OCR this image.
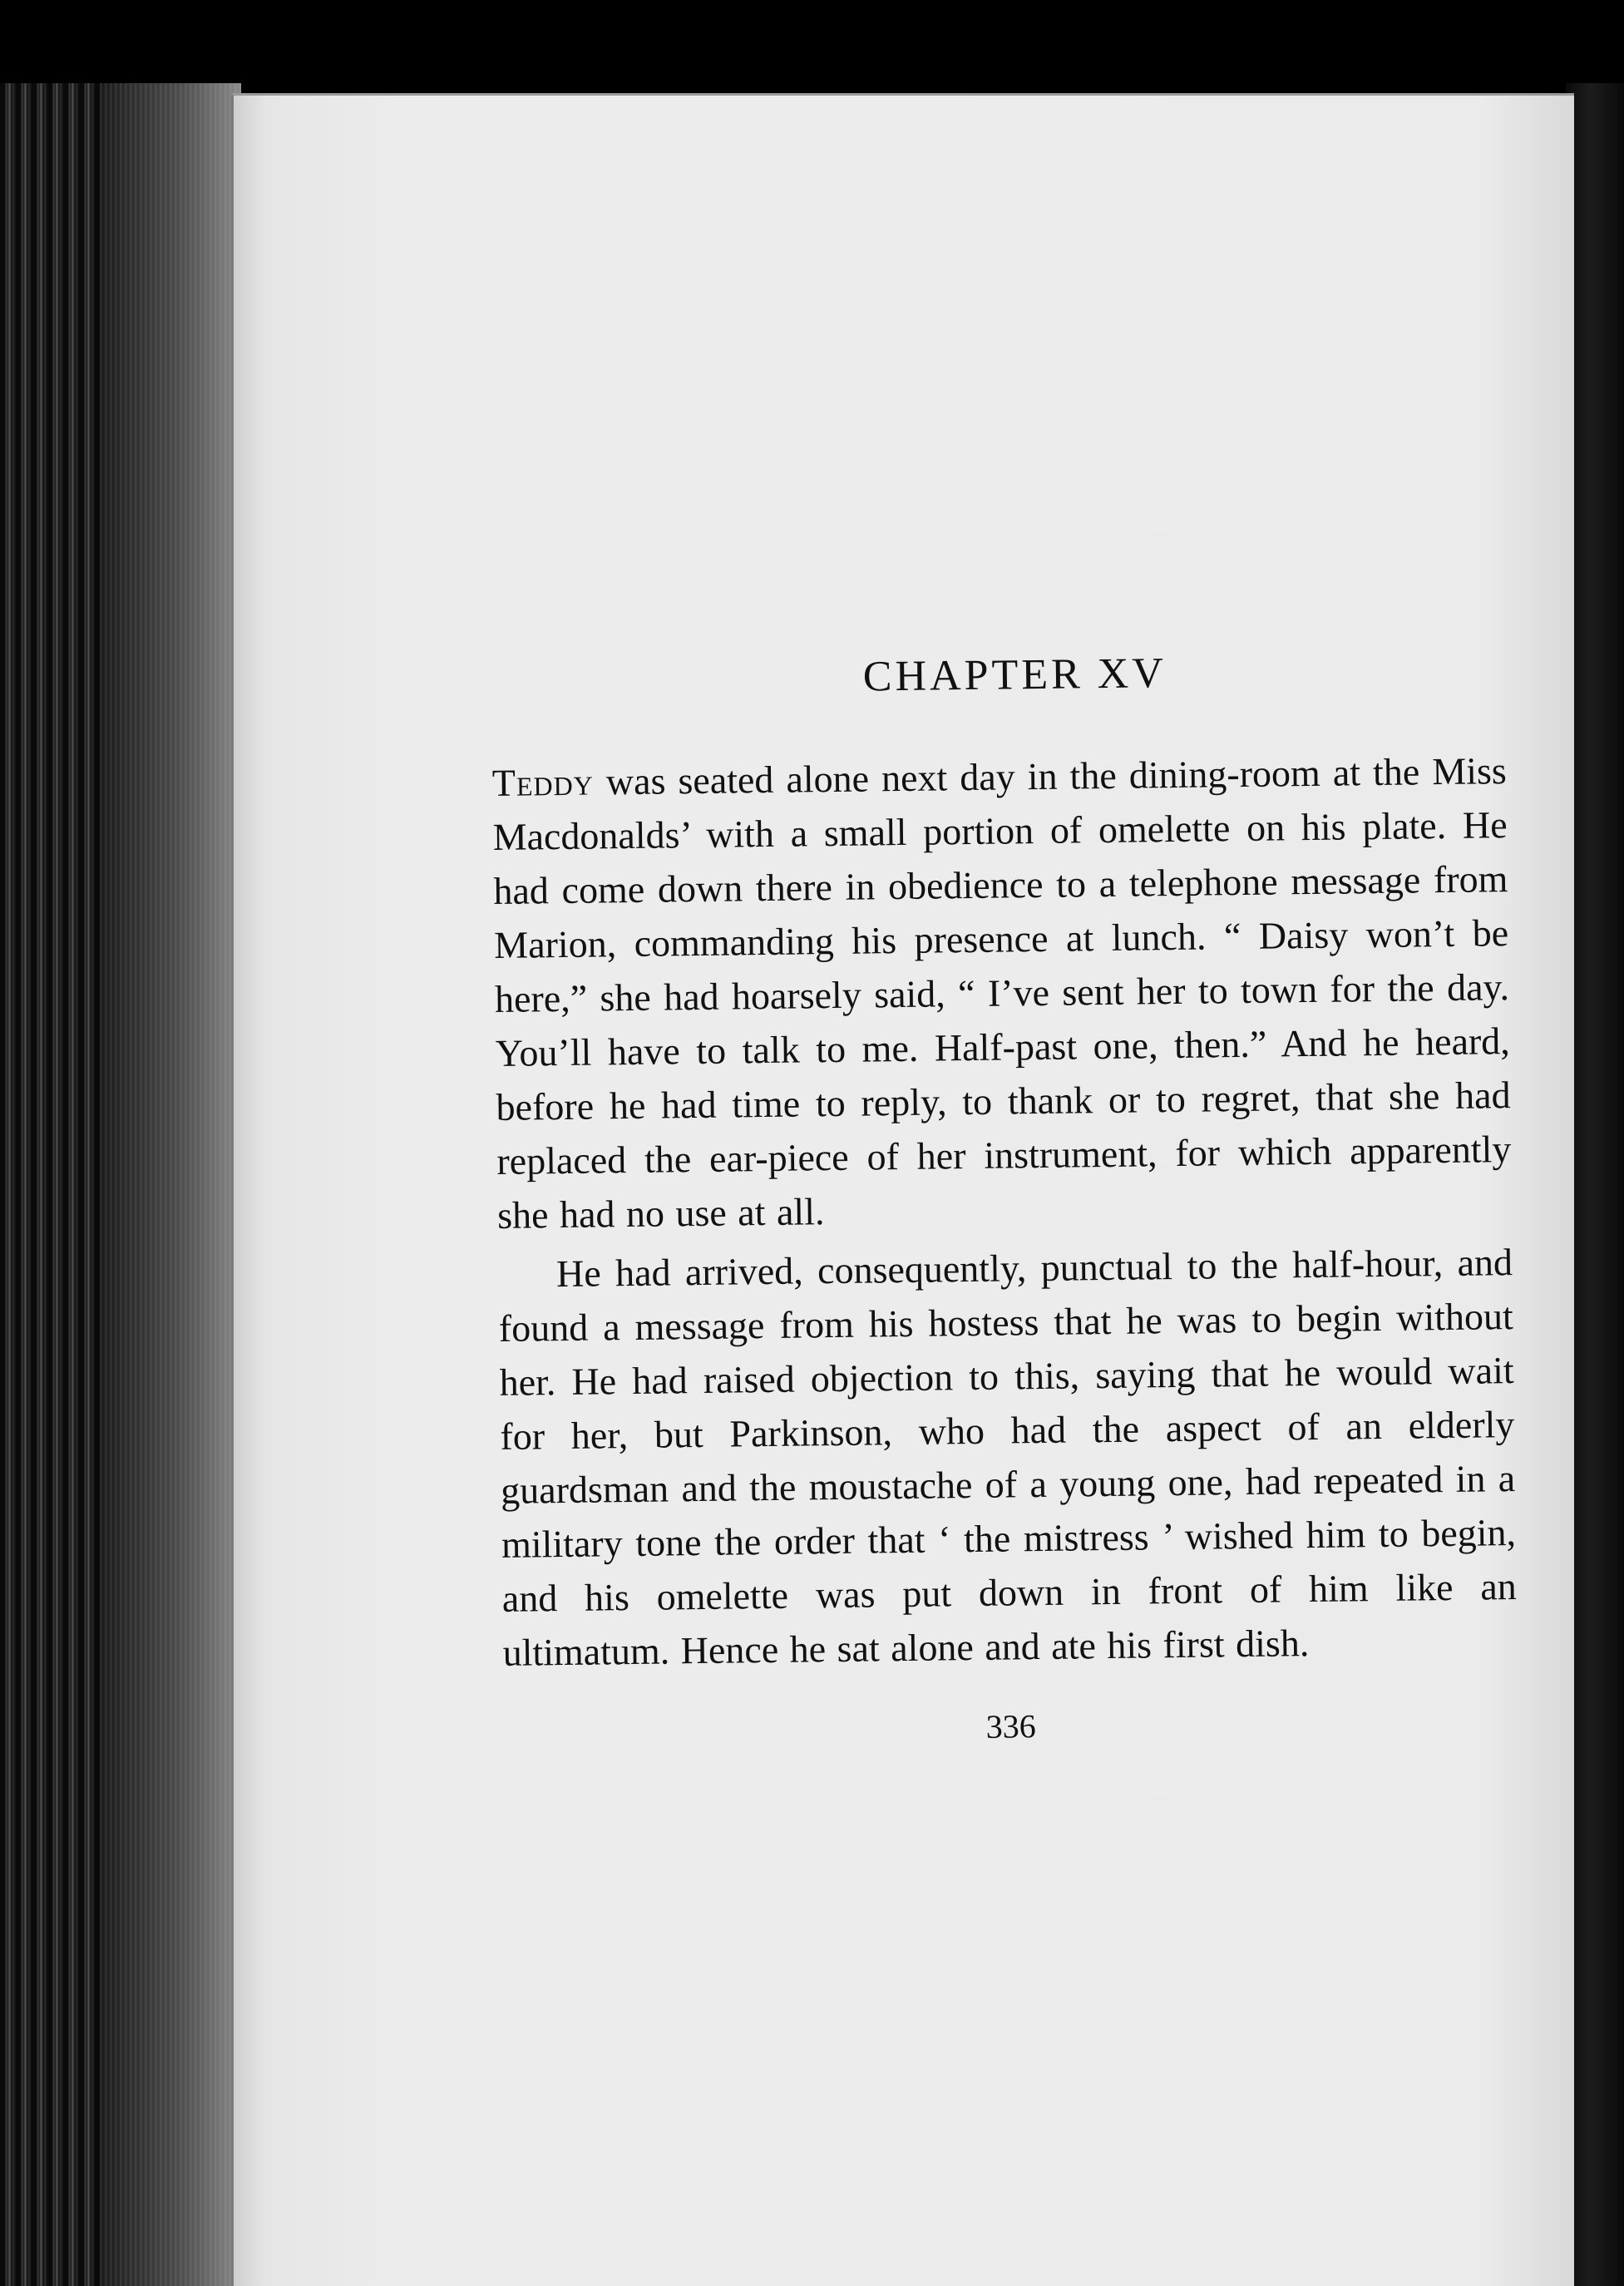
CHAPTER XV

Teddy was seated alone next day in the dining-room at the Miss Macdonalds’ with a small portion of omelette on his plate. He had come down there in obedience to a telephone message from Marion, commanding his presence at lunch. “ Daisy won’t be here,” she had hoarsely said, “ I’ve sent her to town for the day. You’ll have to talk to me. Half-past one, then.” And he heard, before he had time to reply, to thank or to regret, that she had replaced the ear-piece of her instrument, for which apparently she had no use at all.

He had arrived, consequently, punctual to the half-hour, and found a message from his hostess that he was to begin without her. He had raised objection to this, saying that he would wait for her, but Parkinson, who had the aspect of an elderly guardsman and the moustache of a young one, had repeated in a military tone the order that ‘ the mistress ’ wished him to begin, and his omelette was put down in front of him like an ultimatum. Hence he sat alone and ate his first dish.

336
